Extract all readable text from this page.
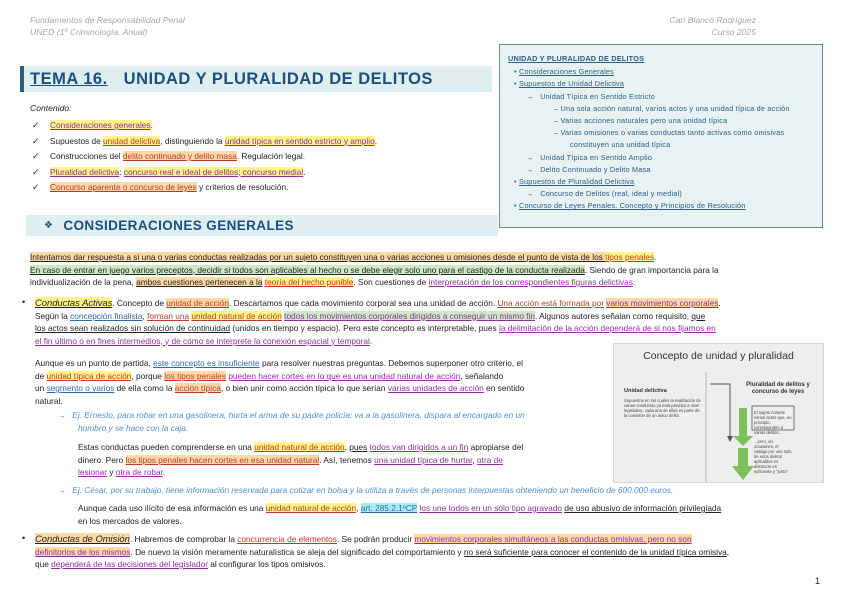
Fundamentos de Responsabilidad Penal
UNED (1º Criminología. Anual)
Cari Blanco Rodríguez
Curso 2025
UNIDAD Y PLURALIDAD DE DELITOS
• Consideraciones Generales
• Supuestos de Unidad Delictiva
→   Unidad Típica en Sentido Estricto
– Una sola acción natural, varios actos y una unidad típica de acción
– Varias acciones naturales pero una unidad típica
– Varias omisiones o varias conductas tanto activas como omisivas
constituyen una unidad típica
→   Unidad Típica en Sentido Amplio
→   Delito Continuado y Delito Masa
• Supuestos de Pluralidad Delictiva
→   Concurso de Delitos (real, ideal y medial)
• Concurso de Leyes Penales. Concepto y Principios de Resolución
TEMA 16. UNIDAD Y PLURALIDAD DE DELITOS
Contenido:
✓ Consideraciones generales.
✓ Supuestos de unidad delictiva, distinguiendo la unidad típica en sentido estricto y amplio.
✓ Construcciones del delito continuado y delito masa. Regulación legal.
✓ Pluralidad delictiva: concurso real e ideal de delitos; concurso medial.
✓ Concurso aparente o concurso de leyes y criterios de resolución.
❖ CONSIDERACIONES GENERALES
Intentamos dar respuesta a si una o varias conductas realizadas por un sujeto constituyen una o varias acciones u omisiones desde el punto de vista de los tipos penales.
En caso de entrar en juego varios preceptos, decidir si todos son aplicables al hecho o se debe elegir solo uno para el castigo de la conducta realizada. Siendo de gran importancia para la
individualización de la pena, ambos cuestiones pertenecen a la teoría del hecho punible. Son cuestiones de interpretación de los correspondientes figuras delictivas.
• Conductas Activas. Concepto de unidad de acción. Descartamos que cada movimiento corporal sea una unidad de acción. Una acción está formada por varios movimientos corporales.
Según la concepción finalista, forman una unidad natural de acción todos los movimientos corporales dirigidos a conseguir un mismo fin. Algunos autores señalan como requisito, que
los actos sean realizados sin solución de continuidad (unidos en tiempo y espacio). Pero este concepto es interpretable, pues la delimitación de la acción dependerá de si nos fijamos en
el fin último o en fines intermedios, y de cómo se interprete la conexión espacial y temporal.
Aunque es un punto de partida, este concepto es insuficiente para resolver nuestras preguntas. Debemos superponer otro criterio, el
de unidad típica de acción, porque los tipos penales pueden hacer cortes en lo que es una unidad natural de acción, señalando
un segmento o varios de ella como la acción típica, o bien unir como acción típica lo que serían varias unidades de acción en sentido
natural.
Concepto de unidad y pluralidad
Unidad delictiva
Supuestos en los cuales la realización de varias conductas ya está prevista a nivel legislativo; cada una de ellas es parte de la comisión de un único delito
Pluralidad de delitos y concurso de leyes
El sujeto comete varios actos que, en principio, corresponden a varios delitos...
...pero, en ocasiones, el castigo por uno solo de esos delitos aplicables es abstracto es suficiente y "justo"
→ Ej. Ernesto, para robar en una gasolinera, hurta el arma de su padre policía; va a la gasolinera, dispara al encargado en un
hombro y se hace con la caja.
Estas conductas pueden comprenderse en una unidad natural de acción, pues todos van dirigidos a un fin apropiarse del
dinero. Pero los tipos penales hacen cortes en esa unidad natural. Así, tenemos una unidad típica de hurtar, otra de
lesionar y otra de robar.
→ Ej. César, por su trabajo, tiene información reservada para cotizar en bolsa y la utiliza a través de personas interpuestas obteniendo un beneficio de 600.000 euros.
Aunque cada uso ilícito de esa información es una unidad natural de acción, art. 285.2.1ºCP los une todos en un solo tipo agravado de uso abusivo de información privilegiada
en los mercados de valores.
• Conductas de Omisión. Habremos de comprobar la concurrencia de elementos. Se podrán producir movimientos corporales simultáneos a las conductas omisivas, pero no son
definitorios de los mismos. De nuevo la visión meramente naturalística se aleja del significado del comportamiento y no será suficiente para conocer el contenido de la unidad típica omisiva,
que dependerá de las decisiones del legislador al configurar los tipos omisivos.
1
